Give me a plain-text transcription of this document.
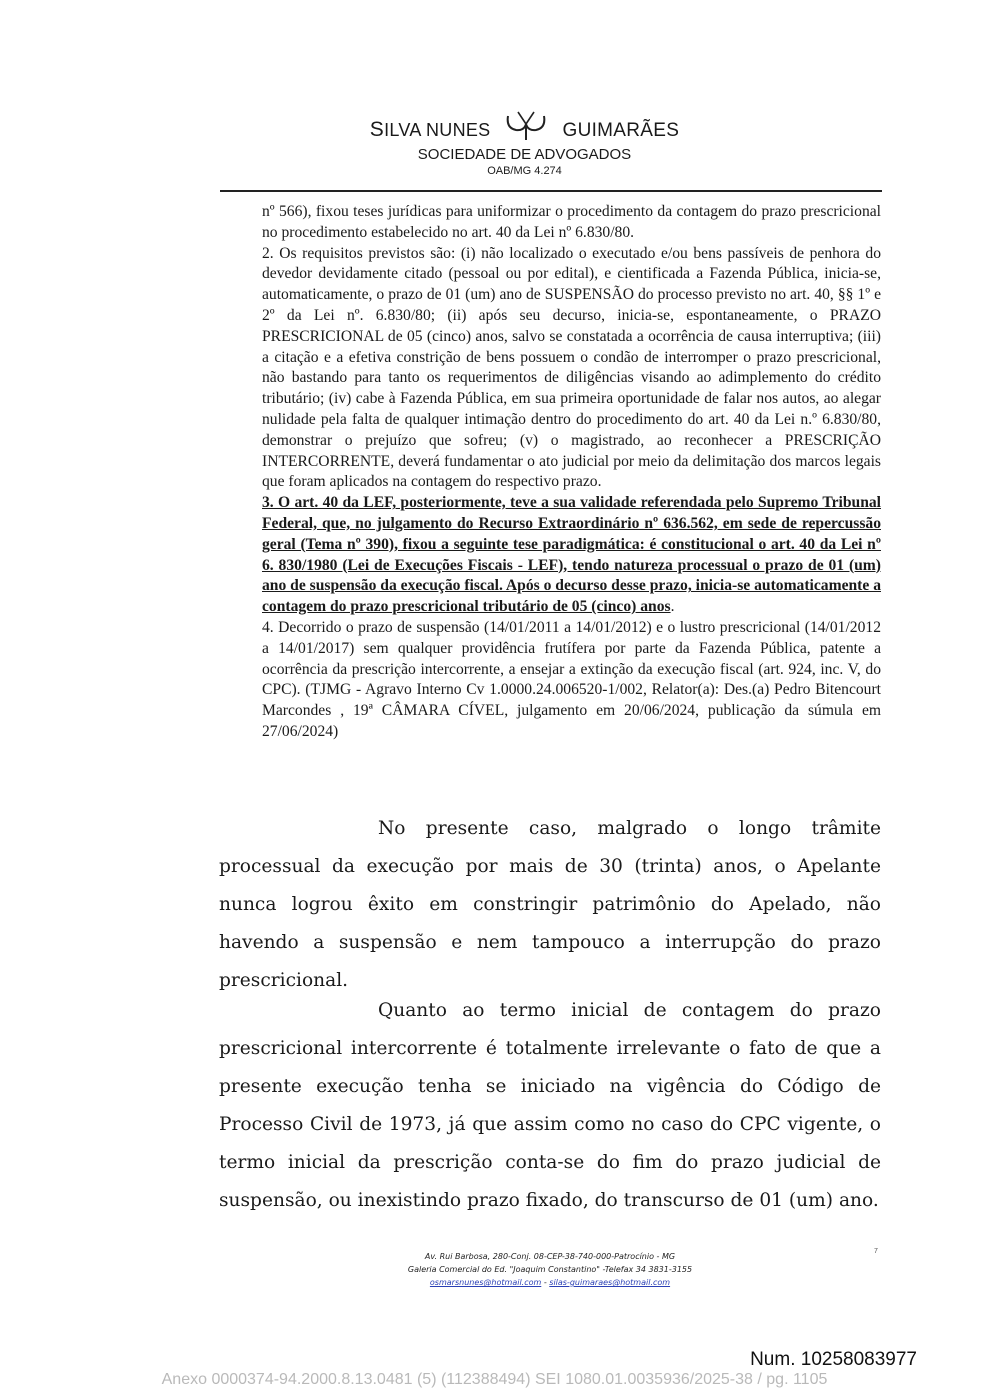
SILVA NUNES	GUIMARÃES
SOCIEDADE DE ADVOGADOS
OAB/MG 4.274

nº 566), fixou teses jurídicas para uniformizar o procedimento da contagem do prazo prescricional no procedimento estabelecido no art. 40 da Lei nº 6.830/80.

2. Os requisitos previstos são: (i) não localizado o executado e/ou bens passíveis de penhora do devedor devidamente citado (pessoal ou por edital), e cientificada a Fazenda Pública, inicia-se, automaticamente, o prazo de 01 (um) ano de SUSPENSÃO do processo previsto no art. 40, §§ 1º e 2º da Lei nº. 6.830/80; (ii) após seu decurso, inicia-se, espontaneamente, o PRAZO PRESCRICIONAL de 05 (cinco) anos, salvo se constatada a ocorrência de causa interruptiva; (iii) a citação e a efetiva constrição de bens possuem o condão de interromper o prazo prescricional, não bastando para tanto os requerimentos de diligências visando ao adimplemento do crédito tributário; (iv) cabe à Fazenda Pública, em sua primeira oportunidade de falar nos autos, ao alegar nulidade pela falta de qualquer intimação dentro do procedimento do art. 40 da Lei n.º 6.830/80, demonstrar o prejuízo que sofreu; (v) o magistrado, ao reconhecer a PRESCRIÇÃO INTERCORRENTE, deverá fundamentar o ato judicial por meio da delimitação dos marcos legais que foram aplicados na contagem do respectivo prazo.

3. O art. 40 da LEF, posteriormente, teve a sua validade referendada pelo Supremo Tribunal Federal, que, no julgamento do Recurso Extraordinário nº 636.562, em sede de repercussão geral (Tema nº 390), fixou a seguinte tese paradigmática: é constitucional o art. 40 da Lei nº 6. 830/1980 (Lei de Execuções Fiscais - LEF), tendo natureza processual o prazo de 01 (um) ano de suspensão da execução fiscal. Após o decurso desse prazo, inicia-se automaticamente a contagem do prazo prescricional tributário de 05 (cinco) anos.

4. Decorrido o prazo de suspensão (14/01/2011 a 14/01/2012) e o lustro prescricional (14/01/2012 a 14/01/2017) sem qualquer providência frutífera por parte da Fazenda Pública, patente a ocorrência da prescrição intercorrente, a ensejar a extinção da execução fiscal (art. 924, inc. V, do CPC). (TJMG - Agravo Interno Cv 1.0000.24.006520-1/002, Relator(a): Des.(a) Pedro Bitencourt Marcondes , 19ª CÂMARA CÍVEL, julgamento em 20/06/2024, publicação da súmula em 27/06/2024)

No presente caso, malgrado o longo trâmite processual da execução por mais de 30 (trinta) anos, o Apelante nunca logrou êxito em constringir patrimônio do Apelado, não havendo a suspensão e nem tampouco a interrupção do prazo prescricional.

Quanto ao termo inicial de contagem do prazo prescricional intercorrente é totalmente irrelevante o fato de que a presente execução tenha se iniciado na vigência do Código de Processo Civil de 1973, já que assim como no caso do CPC vigente, o termo inicial da prescrição conta-se do fim do prazo judicial de suspensão, ou inexistindo prazo fixado, do transcurso de 01 (um) ano.

Av. Rui Barbosa, 280-Conj. 08-CEP-38-740-000-Patrocínio - MG
Galeria Comercial do Ed. "Joaquim Constantino" -Telefax 34 3831-3155
osmarsnunes@hotmail.com - silas-guimaraes@hotmail.com
7
Num. 10258083977
Anexo 0000374-94.2000.8.13.0481 (5) (112388494) SEI 1080.01.0035936/2025-38 / pg. 1105
